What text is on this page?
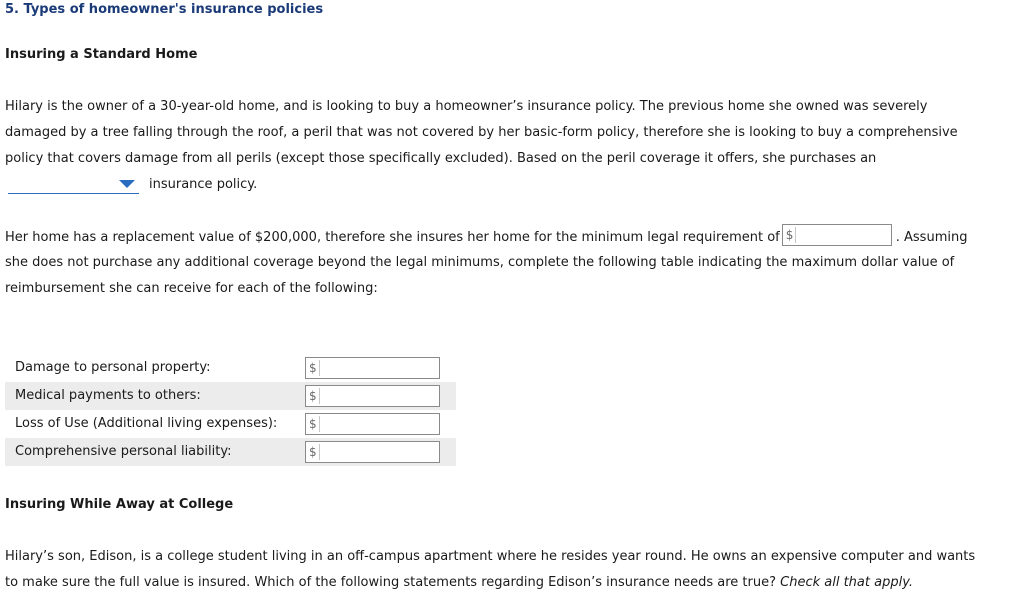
5. Types of homeowner's insurance policies
Insuring a Standard Home
Hilary is the owner of a 30-year-old home, and is looking to buy a homeowner’s insurance policy. The previous home she owned was severely
damaged by a tree falling through the roof, a peril that was not covered by her basic-form policy, therefore she is looking to buy a comprehensive
policy that covers damage from all perils (except those specifically excluded). Based on the peril coverage it offers, she purchases an
insurance policy.
Her home has a replacement value of $200,000, therefore she insures her home for the minimum legal requirement of $	. Assuming
she does not purchase any additional coverage beyond the legal minimums, complete the following table indicating the maximum dollar value of
reimbursement she can receive for each of the following:
Damage to personal property:	$
Medical payments to others:	$
Loss of Use (Additional living expenses):	$
Comprehensive personal liability:	$
Insuring While Away at College
Hilary’s son, Edison, is a college student living in an off-campus apartment where he resides year round. He owns an expensive computer and wants
to make sure the full value is insured. Which of the following statements regarding Edison’s insurance needs are true? Check all that apply.
